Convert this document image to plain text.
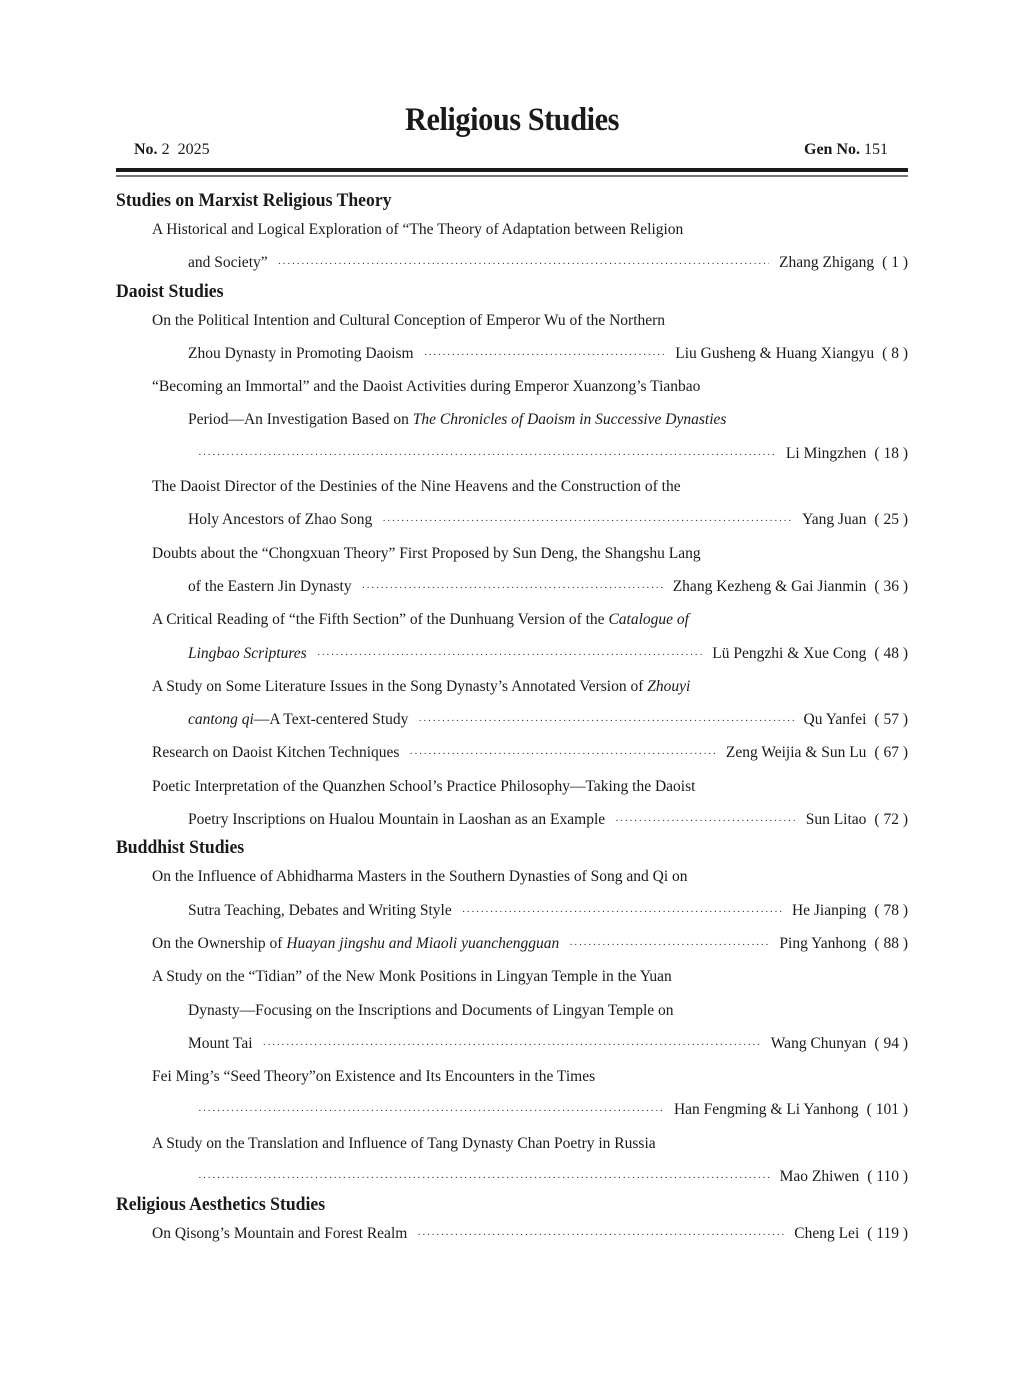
Religious Studies
No. 2 2025	Gen No. 151
Studies on Marxist Religious Theory
A Historical and Logical Exploration of “The Theory of Adaptation between Religion
and Society” ·····	Zhang Zhigang ( 1 )
Daoist Studies
On the Political Intention and Cultural Conception of Emperor Wu of the Northern
Zhou Dynasty in Promoting Daoism ·····	Liu Gusheng & Huang Xiangyu ( 8 )
“Becoming an Immortal” and the Daoist Activities during Emperor Xuanzong’s Tianbao
Period—An Investigation Based on The Chronicles of Daoism in Successive Dynasties
·····
Li Mingzhen ( 18 )
The Daoist Director of the Destinies of the Nine Heavens and the Construction of the
Holy Ancestors of Zhao Song ·····	Yang Juan ( 25 )
Doubts about the “Chongxuan Theory” First Proposed by Sun Deng, the Shangshu Lang
of the Eastern Jin Dynasty ·····	Zhang Kezheng & Gai Jianmin ( 36 )
A Critical Reading of “the Fifth Section” of the Dunhuang Version of the Catalogue of
Lingbao Scriptures ·····	Lü Pengzhi & Xue Cong ( 48 )
A Study on Some Literature Issues in the Song Dynasty’s Annotated Version of Zhouyi
cantong qi—A Text-centered Study ·····	Qu Yanfei ( 57 )
Research on Daoist Kitchen Techniques ·····	Zeng Weijia & Sun Lu ( 67 )
Poetic Interpretation of the Quanzhen School’s Practice Philosophy—Taking the Daoist
Poetry Inscriptions on Hualou Mountain in Laoshan as an Example ·····	Sun Litao ( 72 )
Buddhist Studies
On the Influence of Abhidharma Masters in the Southern Dynasties of Song and Qi on
Sutra Teaching, Debates and Writing Style ·····	He Jianping ( 78 )
On the Ownership of Huayan jingshu and Miaoli yuanchengguan ·····	Ping Yanhong ( 88 )
A Study on the “Tidian” of the New Monk Positions in Lingyan Temple in the Yuan
Dynasty—Focusing on the Inscriptions and Documents of Lingyan Temple on
Mount Tai ·····	Wang Chunyan ( 94 )
Fei Ming’s “Seed Theory”on Existence and Its Encounters in the Times
·····
Han Fengming & Li Yanhong ( 101 )
A Study on the Translation and Influence of Tang Dynasty Chan Poetry in Russia
·····
Mao Zhiwen ( 110 )
Religious Aesthetics Studies
On Qisong’s Mountain and Forest Realm ·····	Cheng Lei ( 119 )
